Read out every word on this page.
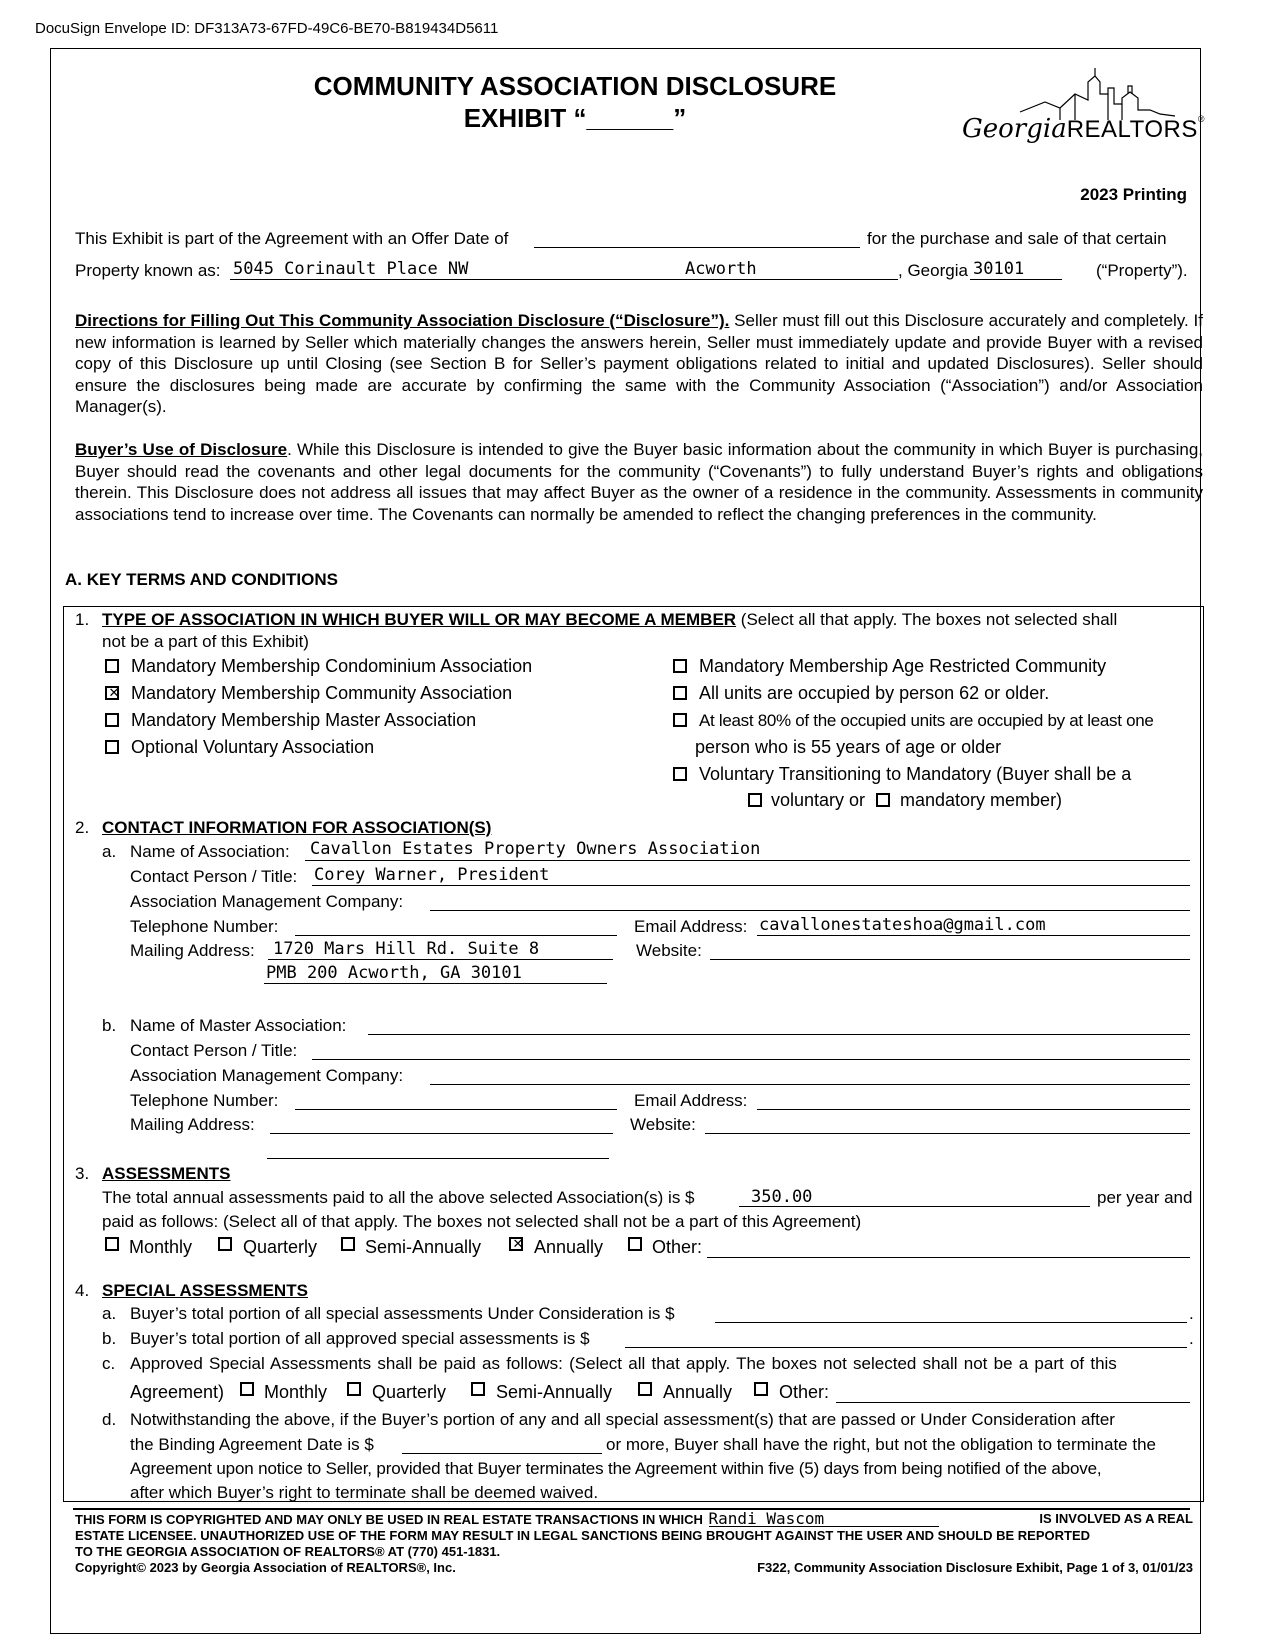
DocuSign Envelope ID: DF313A73-67FD-49C6-BE70-B819434D5611
COMMUNITY ASSOCIATION DISCLOSURE
EXHIBIT “______”	GeorgiaREALTORS®
2023 Printing
This Exhibit is part of the Agreement with an Offer Date of	for the purchase and sale of that certain
Property known as: 5045 Corinault Place NW	Acworth	, Georgia 30101	(“Property”).
Directions for Filling Out This Community Association Disclosure (“Disclosure”). Seller must fill out this Disclosure accurately and completely. If new information is learned by Seller which materially changes the answers herein, Seller must immediately update and provide Buyer with a revised copy of this Disclosure up until Closing (see Section B for Seller’s payment obligations related to initial and updated Disclosures). Seller should ensure the disclosures being made are accurate by confirming the same with the Community Association (“Association”) and/or Association Manager(s).
Buyer’s Use of Disclosure. While this Disclosure is intended to give the Buyer basic information about the community in which Buyer is purchasing, Buyer should read the covenants and other legal documents for the community (“Covenants”) to fully understand Buyer’s rights and obligations therein. This Disclosure does not address all issues that may affect Buyer as the owner of a residence in the community. Assessments in community associations tend to increase over time. The Covenants can normally be amended to reflect the changing preferences in the community.
A. KEY TERMS AND CONDITIONS
1. TYPE OF ASSOCIATION IN WHICH BUYER WILL OR MAY BECOME A MEMBER (Select all that apply. The boxes not selected shall
not be a part of this Exhibit)
Mandatory Membership Condominium Association
✕
Mandatory Membership Community Association
Mandatory Membership Master Association
Optional Voluntary Association
Mandatory Membership Age Restricted Community
All units are occupied by person 62 or older.
At least 80% of the occupied units are occupied by at least one
person who is 55 years of age or older
Voluntary Transitioning to Mandatory (Buyer shall be a
voluntary or mandatory member)
2. CONTACT INFORMATION FOR ASSOCIATION(S)
a. Name of Association: Cavallon Estates Property Owners Association
Contact Person / Title: Corey Warner, President
Association Management Company:
Telephone Number:	Email Address: cavallonestateshoa@gmail.com
Mailing Address: 1720 Mars Hill Rd. Suite 8
PMB 200 Acworth, GA 30101
Website:
b. Name of Master Association:
Contact Person / Title:
Association Management Company:
Telephone Number:	Email Address:
Mailing Address:	Website:
3. ASSESSMENTS
The total annual assessments paid to all the above selected Association(s) is $	350.00	per year and
paid as follows: (Select all of that apply. The boxes not selected shall not be a part of this Agreement)
Monthly	Quarterly	Semi-Annually
✕	Annually	Other:
4. SPECIAL ASSESSMENTS
a. Buyer’s total portion of all special assessments Under Consideration is $	.
b. Buyer’s total portion of all approved special assessments is $	.
c. Approved Special Assessments shall be paid as follows: (Select all that apply. The boxes not selected shall not be a part of this
Agreement) Monthly Quarterly	Semi-Annually	Annually	Other:
d. Notwithstanding the above, if the Buyer’s portion of any and all special assessment(s) that are passed or Under Consideration after
the Binding Agreement Date is $	or more, Buyer shall have the right, but not the obligation to terminate the
Agreement upon notice to Seller, provided that Buyer terminates the Agreement within five (5) days from being notified of the above,
after which Buyer’s right to terminate shall be deemed waived.
THIS FORM IS COPYRIGHTED AND MAY ONLY BE USED IN REAL ESTATE TRANSACTIONS IN WHICH Randi Wascom	IS INVOLVED AS A REAL
ESTATE LICENSEE. UNAUTHORIZED USE OF THE FORM MAY RESULT IN LEGAL SANCTIONS BEING BROUGHT AGAINST THE USER AND SHOULD BE REPORTED
TO THE GEORGIA ASSOCIATION OF REALTORS® AT (770) 451-1831.
Copyright© 2023 by Georgia Association of REALTORS®, Inc.	F322, Community Association Disclosure Exhibit, Page 1 of 3, 01/01/23
